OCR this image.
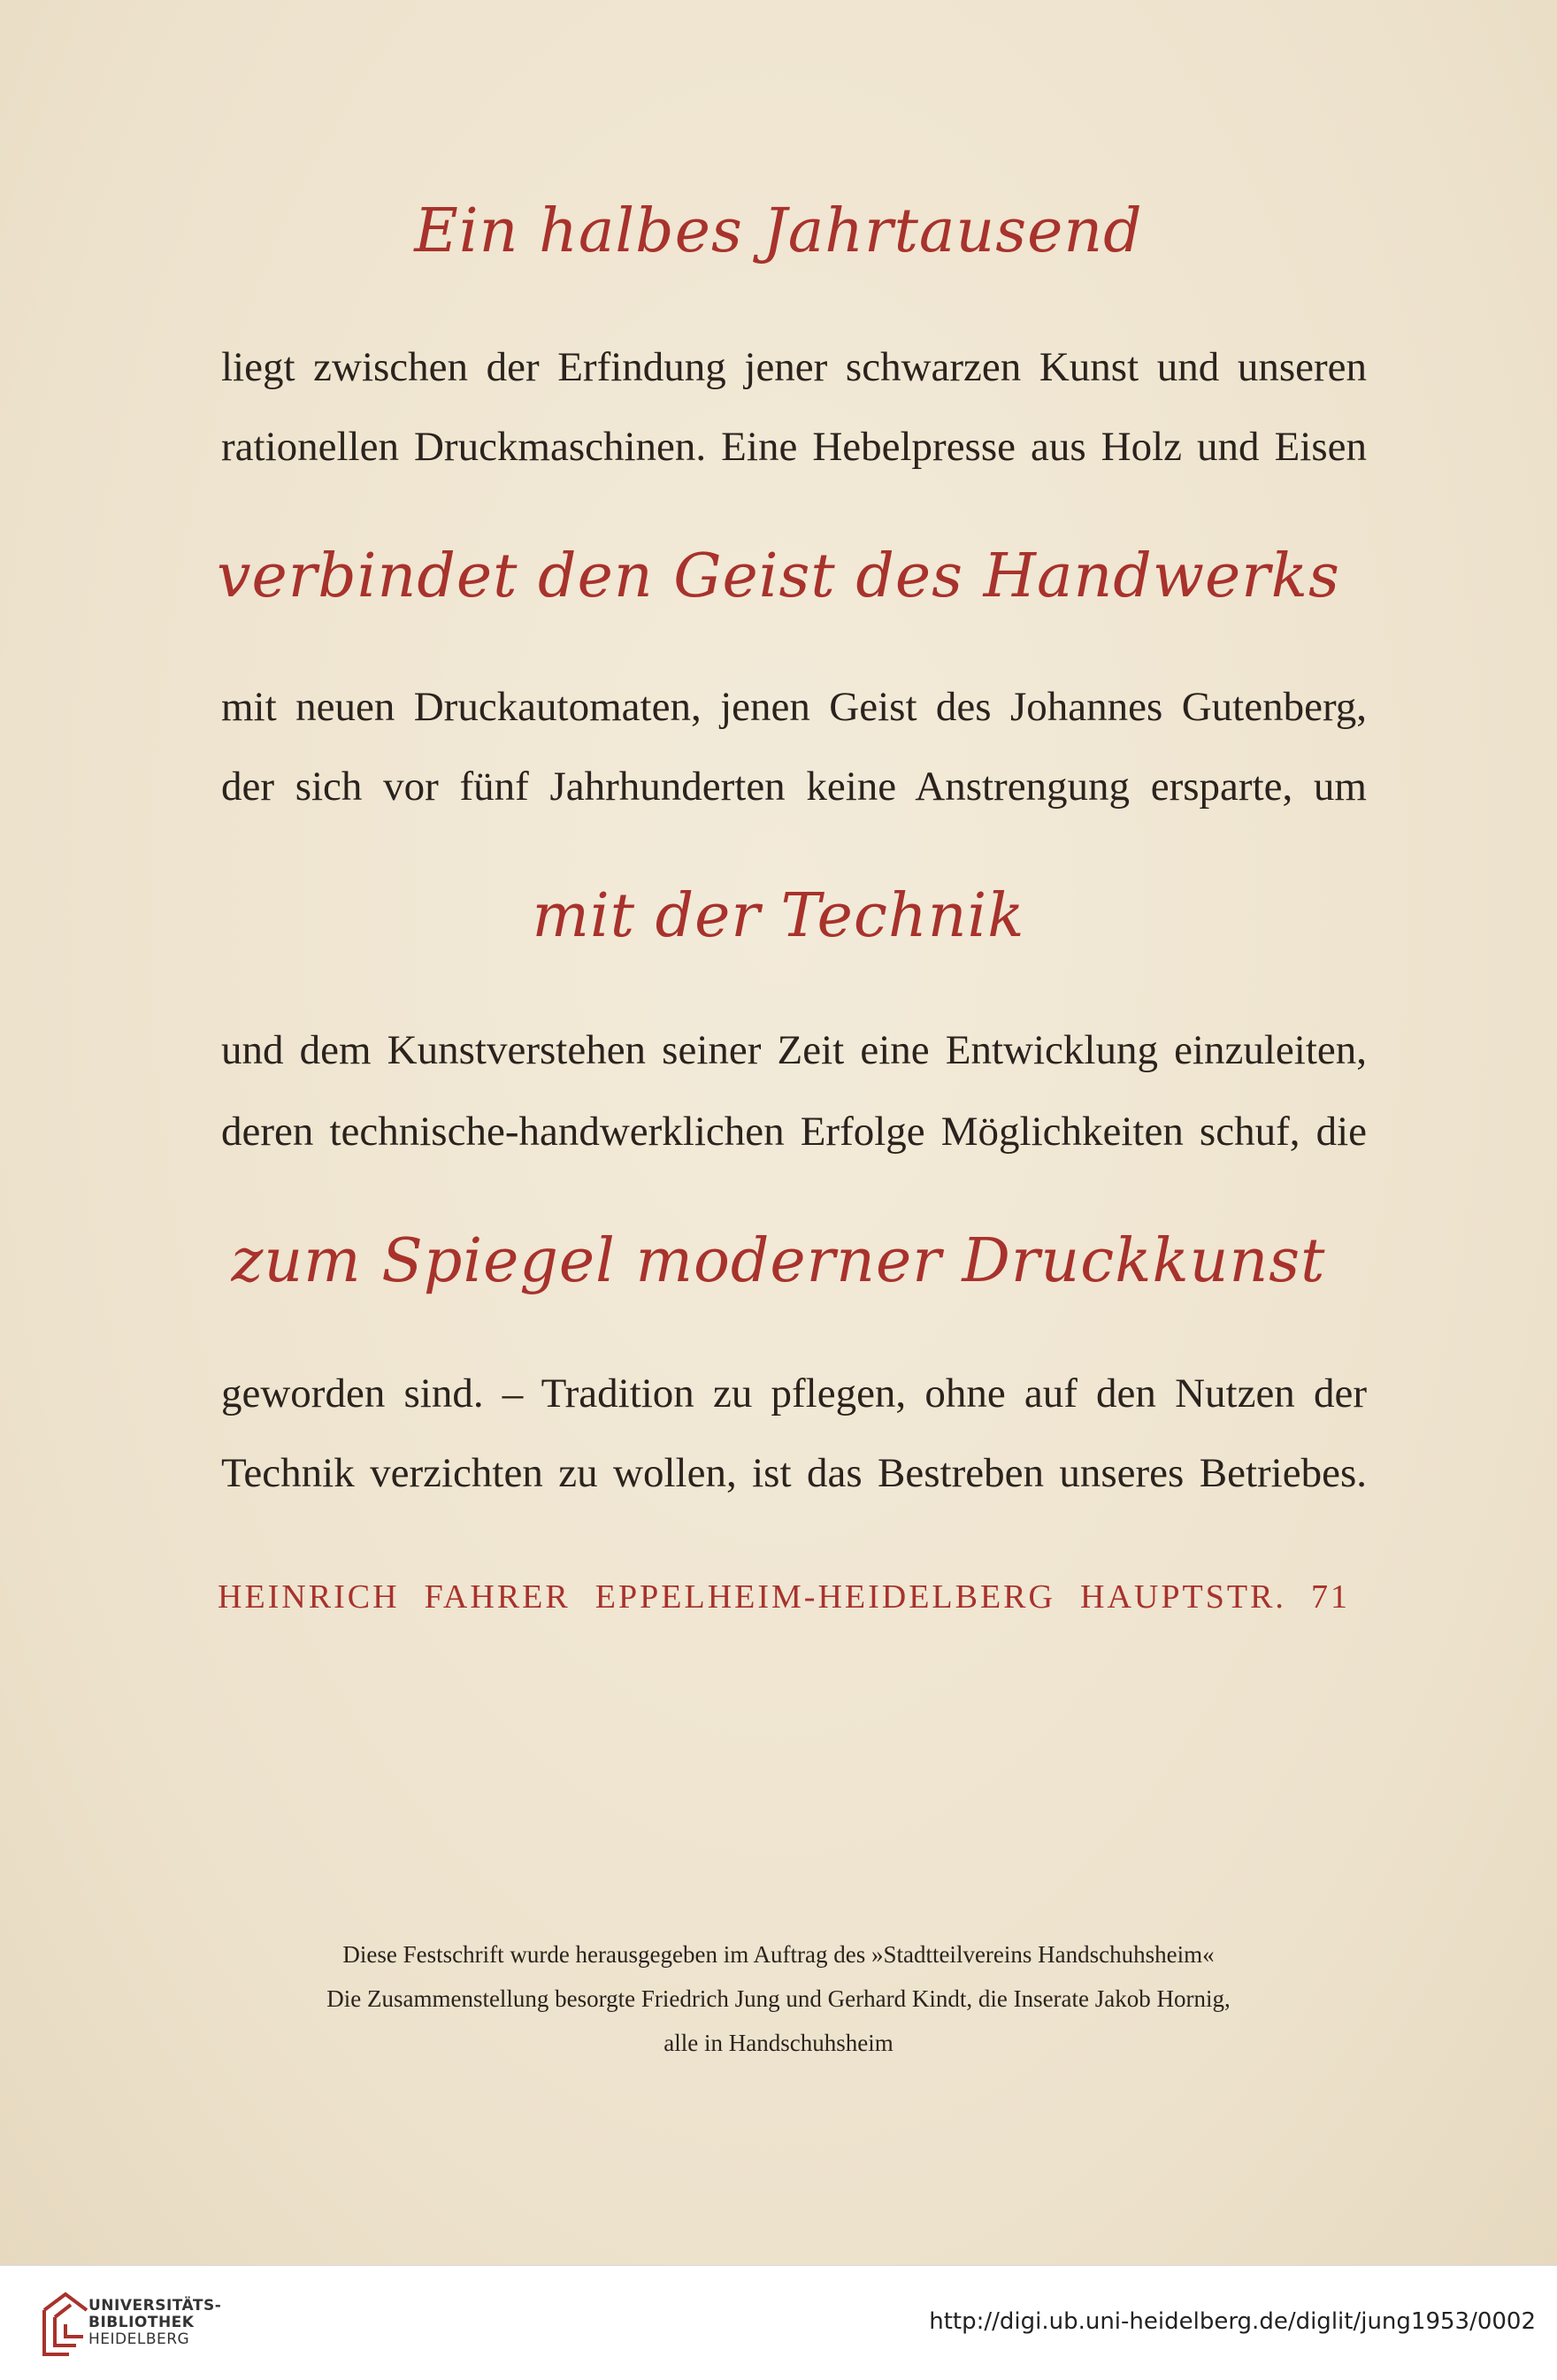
Ein halbes Jahrtausend
liegt zwischen der Erfindung jener schwarzen Kunst und unseren
rationellen Druckmaschinen. Eine Hebelpresse aus Holz und Eisen
verbindet den Geist des Handwerks
mit neuen Druckautomaten, jenen Geist des Johannes Gutenberg,
der sich vor fünf Jahrhunderten keine Anstrengung ersparte, um
mit der Technik
und dem Kunstverstehen seiner Zeit eine Entwicklung einzuleiten,
deren technische-handwerklichen Erfolge Möglichkeiten schuf, die
zum Spiegel moderner Druckkunst
geworden sind. – Tradition zu pflegen, ohne auf den Nutzen der
Technik verzichten zu wollen, ist das Bestreben unseres Betriebes.
HEINRICH FAHRER EPPELHEIM-HEIDELBERG HAUPTSTR. 71
Diese Festschrift wurde herausgegeben im Auftrag des »Stadtteilvereins Handschuhsheim«
Die Zusammenstellung besorgte Friedrich Jung und Gerhard Kindt, die Inserate Jakob Hornig,
alle in Handschuhsheim
UNIVERSITÄTS-
BIBLIOTHEK
HEIDELBERG
http://digi.ub.uni-heidelberg.de/diglit/jung1953/0002
